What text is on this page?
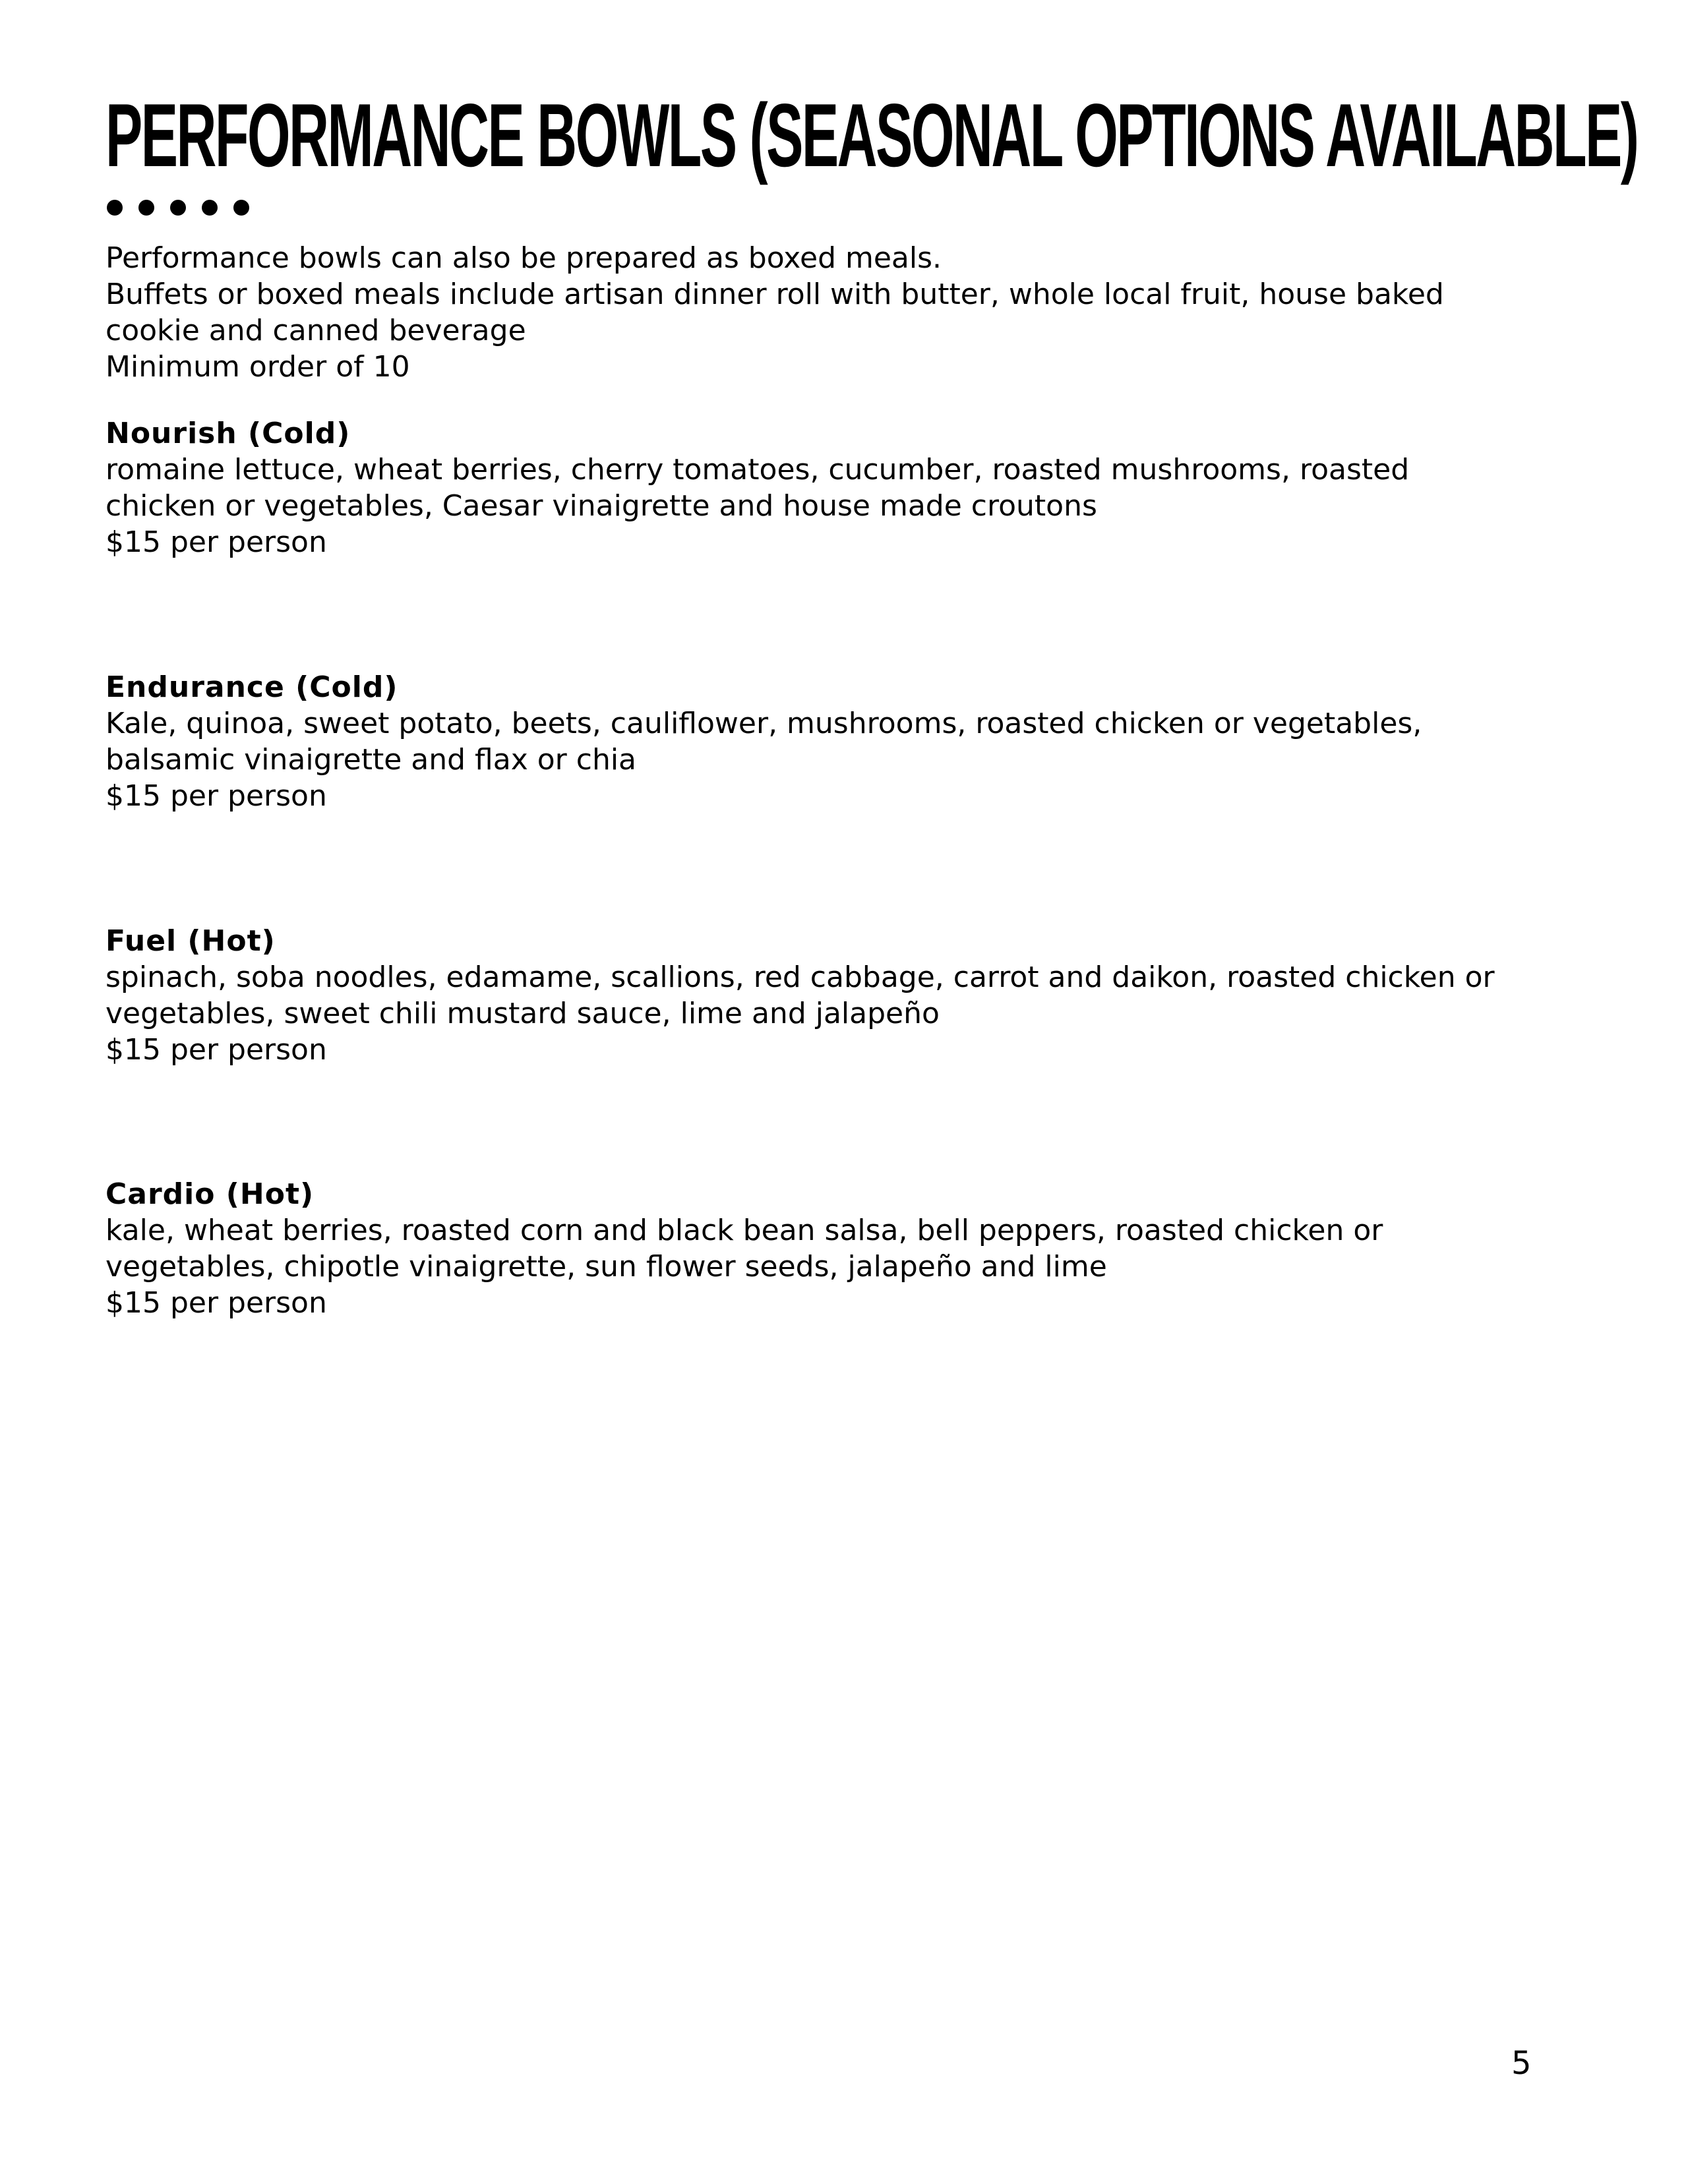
PERFORMANCE BOWLS (SEASONAL OPTIONS AVAILABLE)

Performance bowls can also be prepared as boxed meals.

Buffets or boxed meals include artisan dinner roll with butter, whole local fruit, house baked cookie and canned beverage

Minimum order of 10

Nourish (Cold)

romaine lettuce, wheat berries, cherry tomatoes, cucumber, roasted mushrooms, roasted chicken or vegetables, Caesar vinaigrette and house made croutons

$15 per person

Endurance (Cold)

Kale, quinoa, sweet potato, beets, cauliflower, mushrooms, roasted chicken or vegetables, balsamic vinaigrette and flax or chia

$15 per person

Fuel (Hot)

spinach, soba noodles, edamame, scallions, red cabbage, carrot and daikon, roasted chicken or vegetables, sweet chili mustard sauce, lime and jalapeño

$15 per person

Cardio (Hot)

kale, wheat berries, roasted corn and black bean salsa, bell peppers, roasted chicken or vegetables, chipotle vinaigrette, sun flower seeds, jalapeño and lime

$15 per person

5
